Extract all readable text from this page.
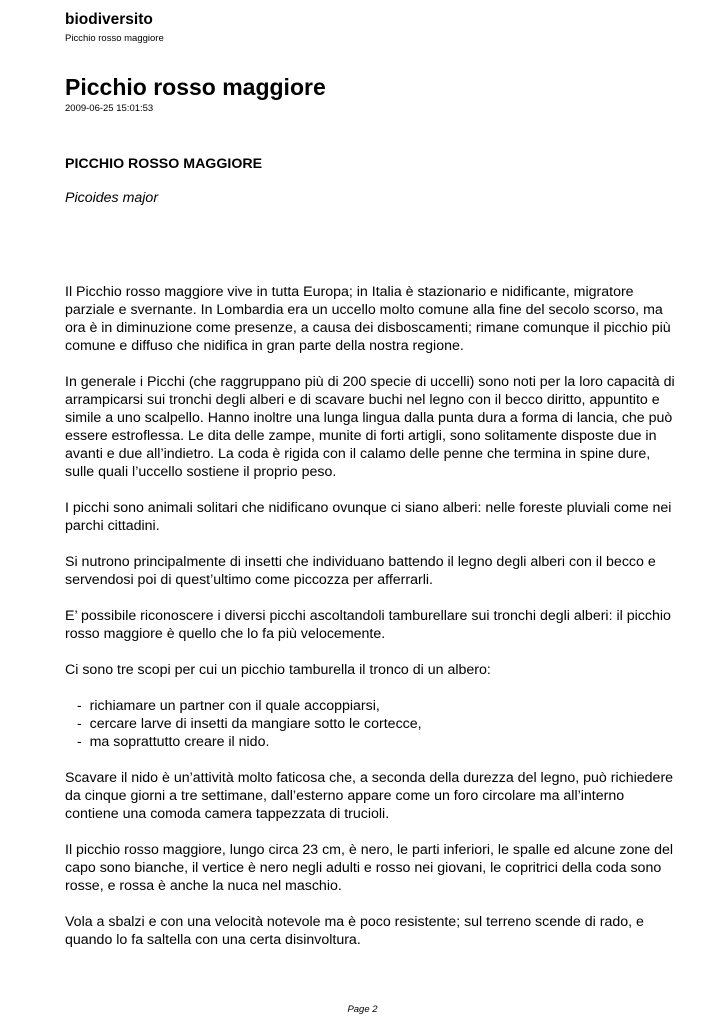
biodiversito
Picchio rosso maggiore
Picchio rosso maggiore
2009-06-25 15:01:53

PICCHIO ROSSO MAGGIORE

Picoides major

Il Picchio rosso maggiore vive in tutta Europa; in Italia è stazionario e nidificante, migratore parziale e svernante. In Lombardia era un uccello molto comune alla fine del secolo scorso, ma ora è in diminuzione come presenze, a causa dei disboscamenti; rimane comunque il picchio più comune e diffuso che nidifica in gran parte della nostra regione.

In generale i Picchi (che raggruppano più di 200 specie di uccelli) sono noti per la loro capacità di arrampicarsi sui tronchi degli alberi e di scavare buchi nel legno con il becco diritto, appuntito e simile a uno scalpello. Hanno inoltre una lunga lingua dalla punta dura a forma di lancia, che può essere estroflessa. Le dita delle zampe, munite di forti artigli, sono solitamente disposte due in avanti e due all’indietro. La coda è rigida con il calamo delle penne che termina in spine dure, sulle quali l’uccello sostiene il proprio peso.

I picchi sono animali solitari che nidificano ovunque ci siano alberi: nelle foreste pluviali come nei parchi cittadini.

Si nutrono principalmente di insetti che individuano battendo il legno degli alberi con il becco e servendosi poi di quest’ultimo come piccozza per afferrarli.

E’ possibile riconoscere i diversi picchi ascoltandoli tamburellare sui tronchi degli alberi: il picchio rosso maggiore è quello che lo fa più velocemente.

Ci sono tre scopi per cui un picchio tamburella il tronco di un albero:

- richiamare un partner con il quale accoppiarsi,
- cercare larve di insetti da mangiare sotto le cortecce,
- ma soprattutto creare il nido.

Scavare il nido è un’attività molto faticosa che, a seconda della durezza del legno, può richiedere da cinque giorni a tre settimane, dall’esterno appare come un foro circolare ma all’interno contiene una comoda camera tappezzata di trucioli.

Il picchio rosso maggiore, lungo circa 23 cm, è nero, le parti inferiori, le spalle ed alcune zone del capo sono bianche, il vertice è nero negli adulti e rosso nei giovani, le copritrici della coda sono rosse, e rossa è anche la nuca nel maschio.

Vola a sbalzi e con una velocità notevole ma è poco resistente; sul terreno scende di rado, e quando lo fa saltella con una certa disinvoltura.

Page 2
